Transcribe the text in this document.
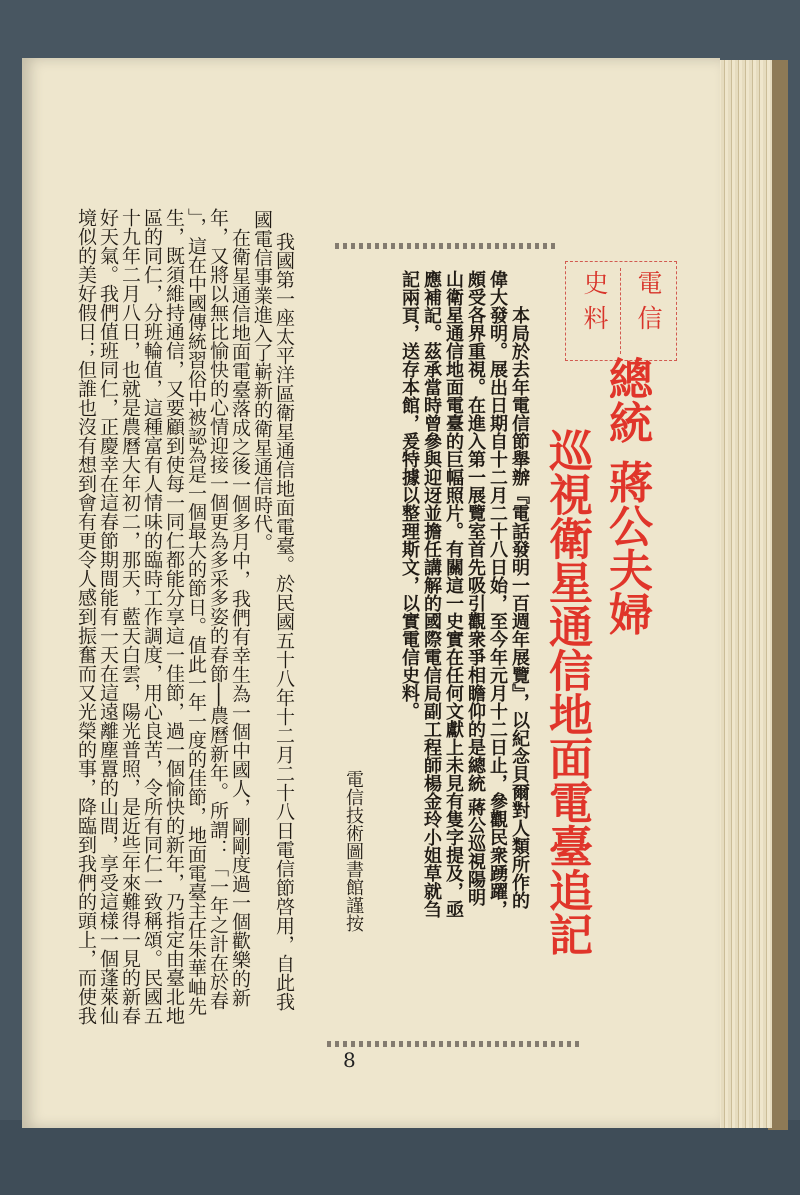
電信
史料
總統 蔣公夫婦
巡視衛星通信地面電臺追記
本局於去年電信節舉辦『電話發明一百週年展覽』，以紀念貝爾對人類所作的
偉大發明。展出日期自十二月二十八日始，至今年元月十二日止，參觀民衆踴躍，
頗受各界重視。在進入第一展覽室首先吸引觀衆爭相瞻仰的是總統 蔣公巡視陽明
山衛星通信地面電臺的巨幅照片。有關這一史實在任何文獻上未見有隻字提及，亟
應補記。茲承當時曾參與迎迓並擔任講解的國際電信局副工程師楊金玲小姐草就刍
記兩頁，送存本館，爰特據以整理斯文，以實電信史料。
電信技術圖書館謹按
我國第一座太平洋區衛星通信地面電臺。於民國五十八年十二月二十八日電信節啓用，自此我
國電信事業進入了嶄新的衛星通信時代。
在衛星通信地面電臺落成之後一個多月中，我們有幸生為一個中國人，剛剛度過一個歡樂的新
年，又將以無比愉快的心情迎接一個更為多采多姿的春節──農曆新年。所謂：「一年之計在於春
」，這在中國傳統習俗中被認為是一個最大的節日。值此一年一度的佳節，地面電臺主任朱華岫先
生，既須維持通信，又要顧到使每一同仁都能分享這一佳節，過一個愉快的新年，乃指定由臺北地
區的同仁，分班輪值，這種富有人情味的臨時工作調度，用心良苦，令所有同仁一致稱頌。民國五
十九年二月八日，也就是農曆大年初二，那天，藍天白雲，陽光普照，是近些年來難得一見的新春
好天氣。我們值班同仁，正慶幸在這春節期間能有一天在這遠離塵囂的山間，享受這樣一個蓬萊仙
境似的美好假日；但誰也沒有想到會有更令人感到振奮而又光榮的事，降臨到我們的頭上，而使我
8
